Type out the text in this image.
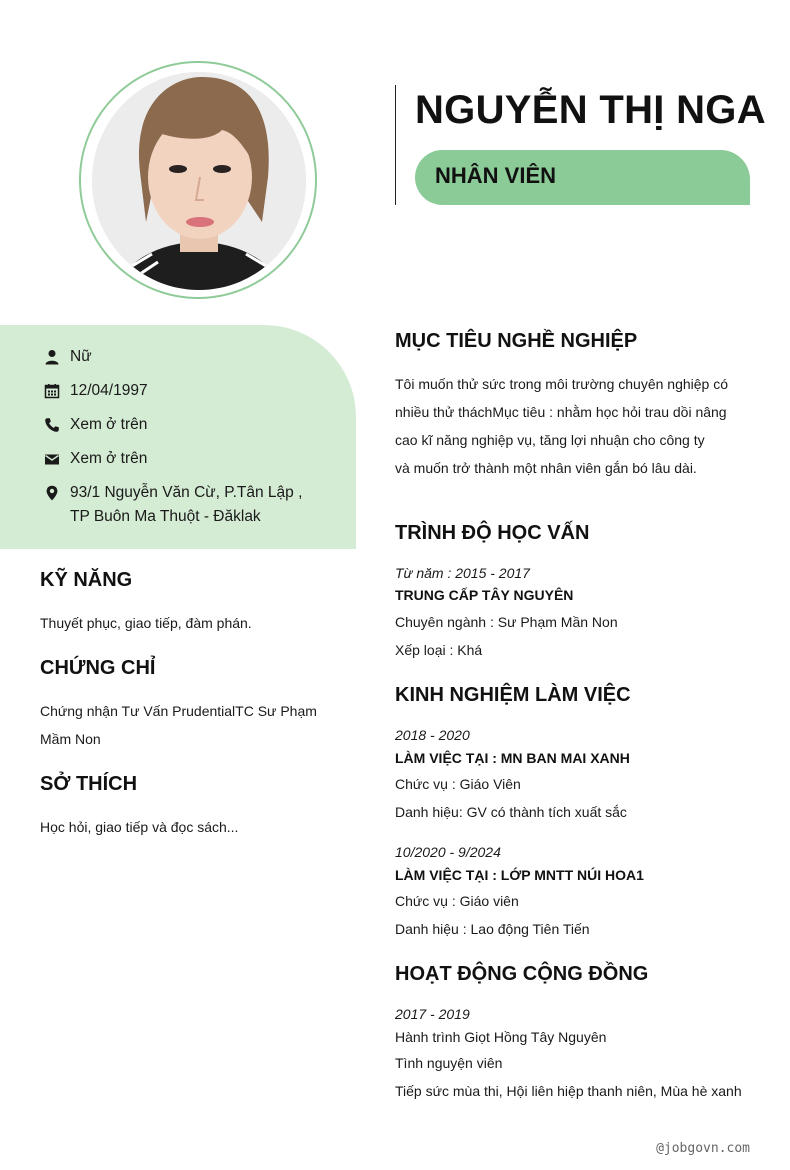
NGUYỄN THỊ NGA
NHÂN VIÊN
Nữ
12/04/1997
Xem ở trên
Xem ở trên
93/1 Nguyễn Văn Cừ, P.Tân Lập ,
TP Buôn Ma Thuột - Đăklak
KỸ NĂNG
Thuyết phục, giao tiếp, đàm phán.
CHỨNG CHỈ
Chứng nhận Tư Vấn PrudentialTC Sư Phạm Mầm Non
SỞ THÍCH
Học hỏi, giao tiếp và đọc sách...
MỤC TIÊU NGHỀ NGHIỆP
Tôi muốn thử sức trong môi trường chuyên nghiệp có
nhiều thử tháchMục tiêu : nhằm học hỏi trau dồi nâng
cao kĩ năng nghiệp vụ, tăng lợi nhuận cho công ty
và muốn trở thành một nhân viên gắn bó lâu dài.
TRÌNH ĐỘ HỌC VẤN
Từ năm : 2015 - 2017
TRUNG CẤP TÂY NGUYÊN
Chuyên ngành : Sư Phạm Mần Non
Xếp loại : Khá
KINH NGHIỆM LÀM VIỆC
2018 - 2020
LÀM VIỆC TẠI : MN BAN MAI XANH
Chức vụ : Giáo Viên
Danh hiệu: GV có thành tích xuất sắc
10/2020 - 9/2024
LÀM VIỆC TẠI : LỚP MNTT NÚI HOA1
Chức vụ : Giáo viên
Danh hiệu : Lao động Tiên Tiến
HOẠT ĐỘNG CỘNG ĐỒNG
2017 - 2019
Hành trình Giọt Hồng Tây Nguyên
Tình nguyện viên
Tiếp sức mùa thi, Hội liên hiệp thanh niên, Mùa hè xanh
@jobgovn.com
